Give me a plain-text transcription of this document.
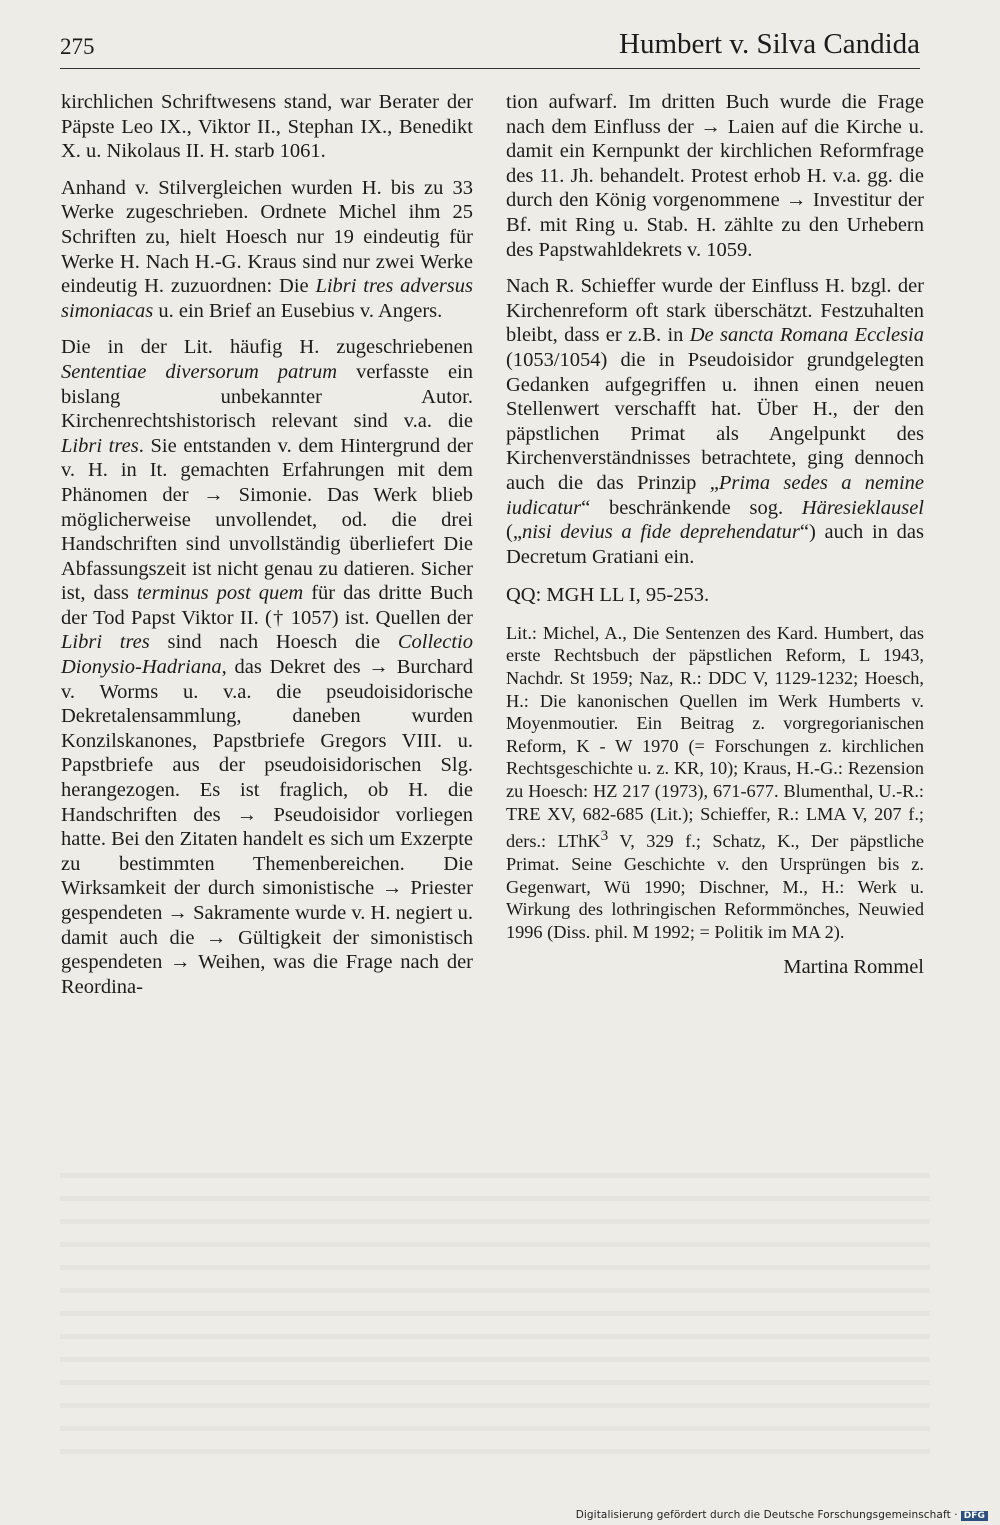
275	Humbert v. Silva Candida

kirchlichen Schriftwesens stand, war Berater der Päpste Leo IX., Viktor II., Stephan IX., Benedikt X. u. Nikolaus II. H. starb 1061.

Anhand v. Stilvergleichen wurden H. bis zu 33 Werke zugeschrieben. Ordnete Michel ihm 25 Schriften zu, hielt Hoesch nur 19 eindeutig für Werke H. Nach H.-G. Kraus sind nur zwei Werke eindeutig H. zuzuordnen: Die Libri tres adversus simoniacas u. ein Brief an Eusebius v. Angers.

Die in der Lit. häufig H. zugeschriebenen Sententiae diversorum patrum verfasste ein bislang unbekannter Autor. Kirchenrechtshistorisch relevant sind v.a. die Libri tres. Sie entstanden v. dem Hintergrund der v. H. in It. gemachten Erfahrungen mit dem Phänomen der → Simonie. Das Werk blieb möglicherweise unvollendet, od. die drei Handschriften sind unvollständig überliefert Die Abfassungszeit ist nicht genau zu datieren. Sicher ist, dass terminus post quem für das dritte Buch der Tod Papst Viktor II. († 1057) ist. Quellen der Libri tres sind nach Hoesch die Collectio Dionysio-Hadriana, das Dekret des → Burchard v. Worms u. v.a. die pseudoisidorische Dekretalensammlung, daneben wurden Konzilskanones, Papstbriefe Gregors VIII. u. Papstbriefe aus der pseudoisidorischen Slg. herangezogen. Es ist fraglich, ob H. die Handschriften des → Pseudoisidor vorliegen hatte. Bei den Zitaten handelt es sich um Exzerpte zu bestimmten Themenbereichen. Die Wirksamkeit der durch simonistische → Priester gespendeten → Sakramente wurde v. H. negiert u. damit auch die → Gültigkeit der simonistisch gespendeten → Weihen, was die Frage nach der Reordina-

tion aufwarf. Im dritten Buch wurde die Frage nach dem Einfluss der → Laien auf die Kirche u. damit ein Kernpunkt der kirchlichen Reformfrage des 11. Jh. behandelt. Protest erhob H. v.a. gg. die durch den König vorgenommene → Investitur der Bf. mit Ring u. Stab. H. zählte zu den Urhebern des Papstwahldekrets v. 1059.

Nach R. Schieffer wurde der Einfluss H. bzgl. der Kirchenreform oft stark überschätzt. Festzuhalten bleibt, dass er z.B. in De sancta Romana Ecclesia (1053/1054) die in Pseudoisidor grundgelegten Gedanken aufgegriffen u. ihnen einen neuen Stellenwert verschafft hat. Über H., der den päpstlichen Primat als Angelpunkt des Kirchenverständnisses betrachtete, ging dennoch auch die das Prinzip „Prima sedes a nemine iudicatur“ beschränkende sog. Häresieklausel („nisi devius a fide deprehendatur“) auch in das Decretum Gratiani ein.

QQ: MGH LL I, 95-253.

Lit.: Michel, A., Die Sentenzen des Kard. Humbert, das erste Rechtsbuch der päpstlichen Reform, L 1943, Nachdr. St 1959; Naz, R.: DDC V, 1129-1232; Hoesch, H.: Die kanonischen Quellen im Werk Humberts v. Moyenmoutier. Ein Beitrag z. vorgregorianischen Reform, K - W 1970 (= Forschungen z. kirchlichen Rechtsgeschichte u. z. KR, 10); Kraus, H.-G.: Rezension zu Hoesch: HZ 217 (1973), 671-677. Blumenthal, U.-R.: TRE XV, 682-685 (Lit.); Schieffer, R.: LMA V, 207 f.; ders.: LThK$^3$ V, 329 f.; Schatz, K., Der päpstliche Primat. Seine Geschichte v. den Ursprüngen bis z. Gegenwart, Wü 1990; Dischner, M., H.: Werk u. Wirkung des lothringischen Reformmönches, Neuwied 1996 (Diss. phil. M 1992; = Politik im MA 2).

Martina Rommel
Digitalisierung gefördert durch die Deutsche Forschungsgemeinschaft · DFG
